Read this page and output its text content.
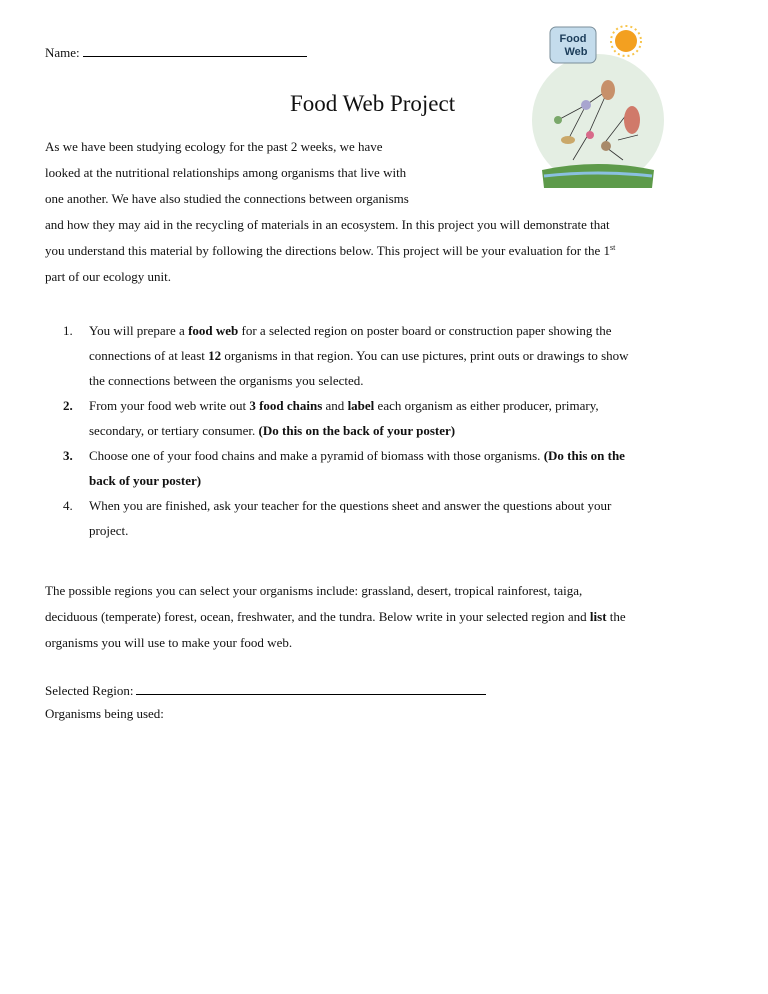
Name:
Food Web Project

As we have been studying ecology for the past 2 weeks, we have
looked at the nutritional relationships among organisms that live with
one another. We have also studied the connections between organisms
and how they may aid in the recycling of materials in an ecosystem. In this project you will demonstrate that
you understand this material by following the directions below. This project will be your evaluation for the 1st
part of our ecology unit.

1. You will prepare a food web for a selected region on poster board or construction paper showing the
connections of at least 12 organisms in that region. You can use pictures, print outs or drawings to show
the connections between the organisms you selected.
2. From your food web write out 3 food chains and label each organism as either producer, primary,
secondary, or tertiary consumer. (Do this on the back of your poster)
3. Choose one of your food chains and make a pyramid of biomass with those organisms. (Do this on the
back of your poster)
4. When you are finished, ask your teacher for the questions sheet and answer the questions about your
project.

The possible regions you can select your organisms include: grassland, desert, tropical rainforest, taiga,
deciduous (temperate) forest, ocean, freshwater, and the tundra. Below write in your selected region and list the
organisms you will use to make your food web.

Selected Region:
Organisms being used:
Food
Web
